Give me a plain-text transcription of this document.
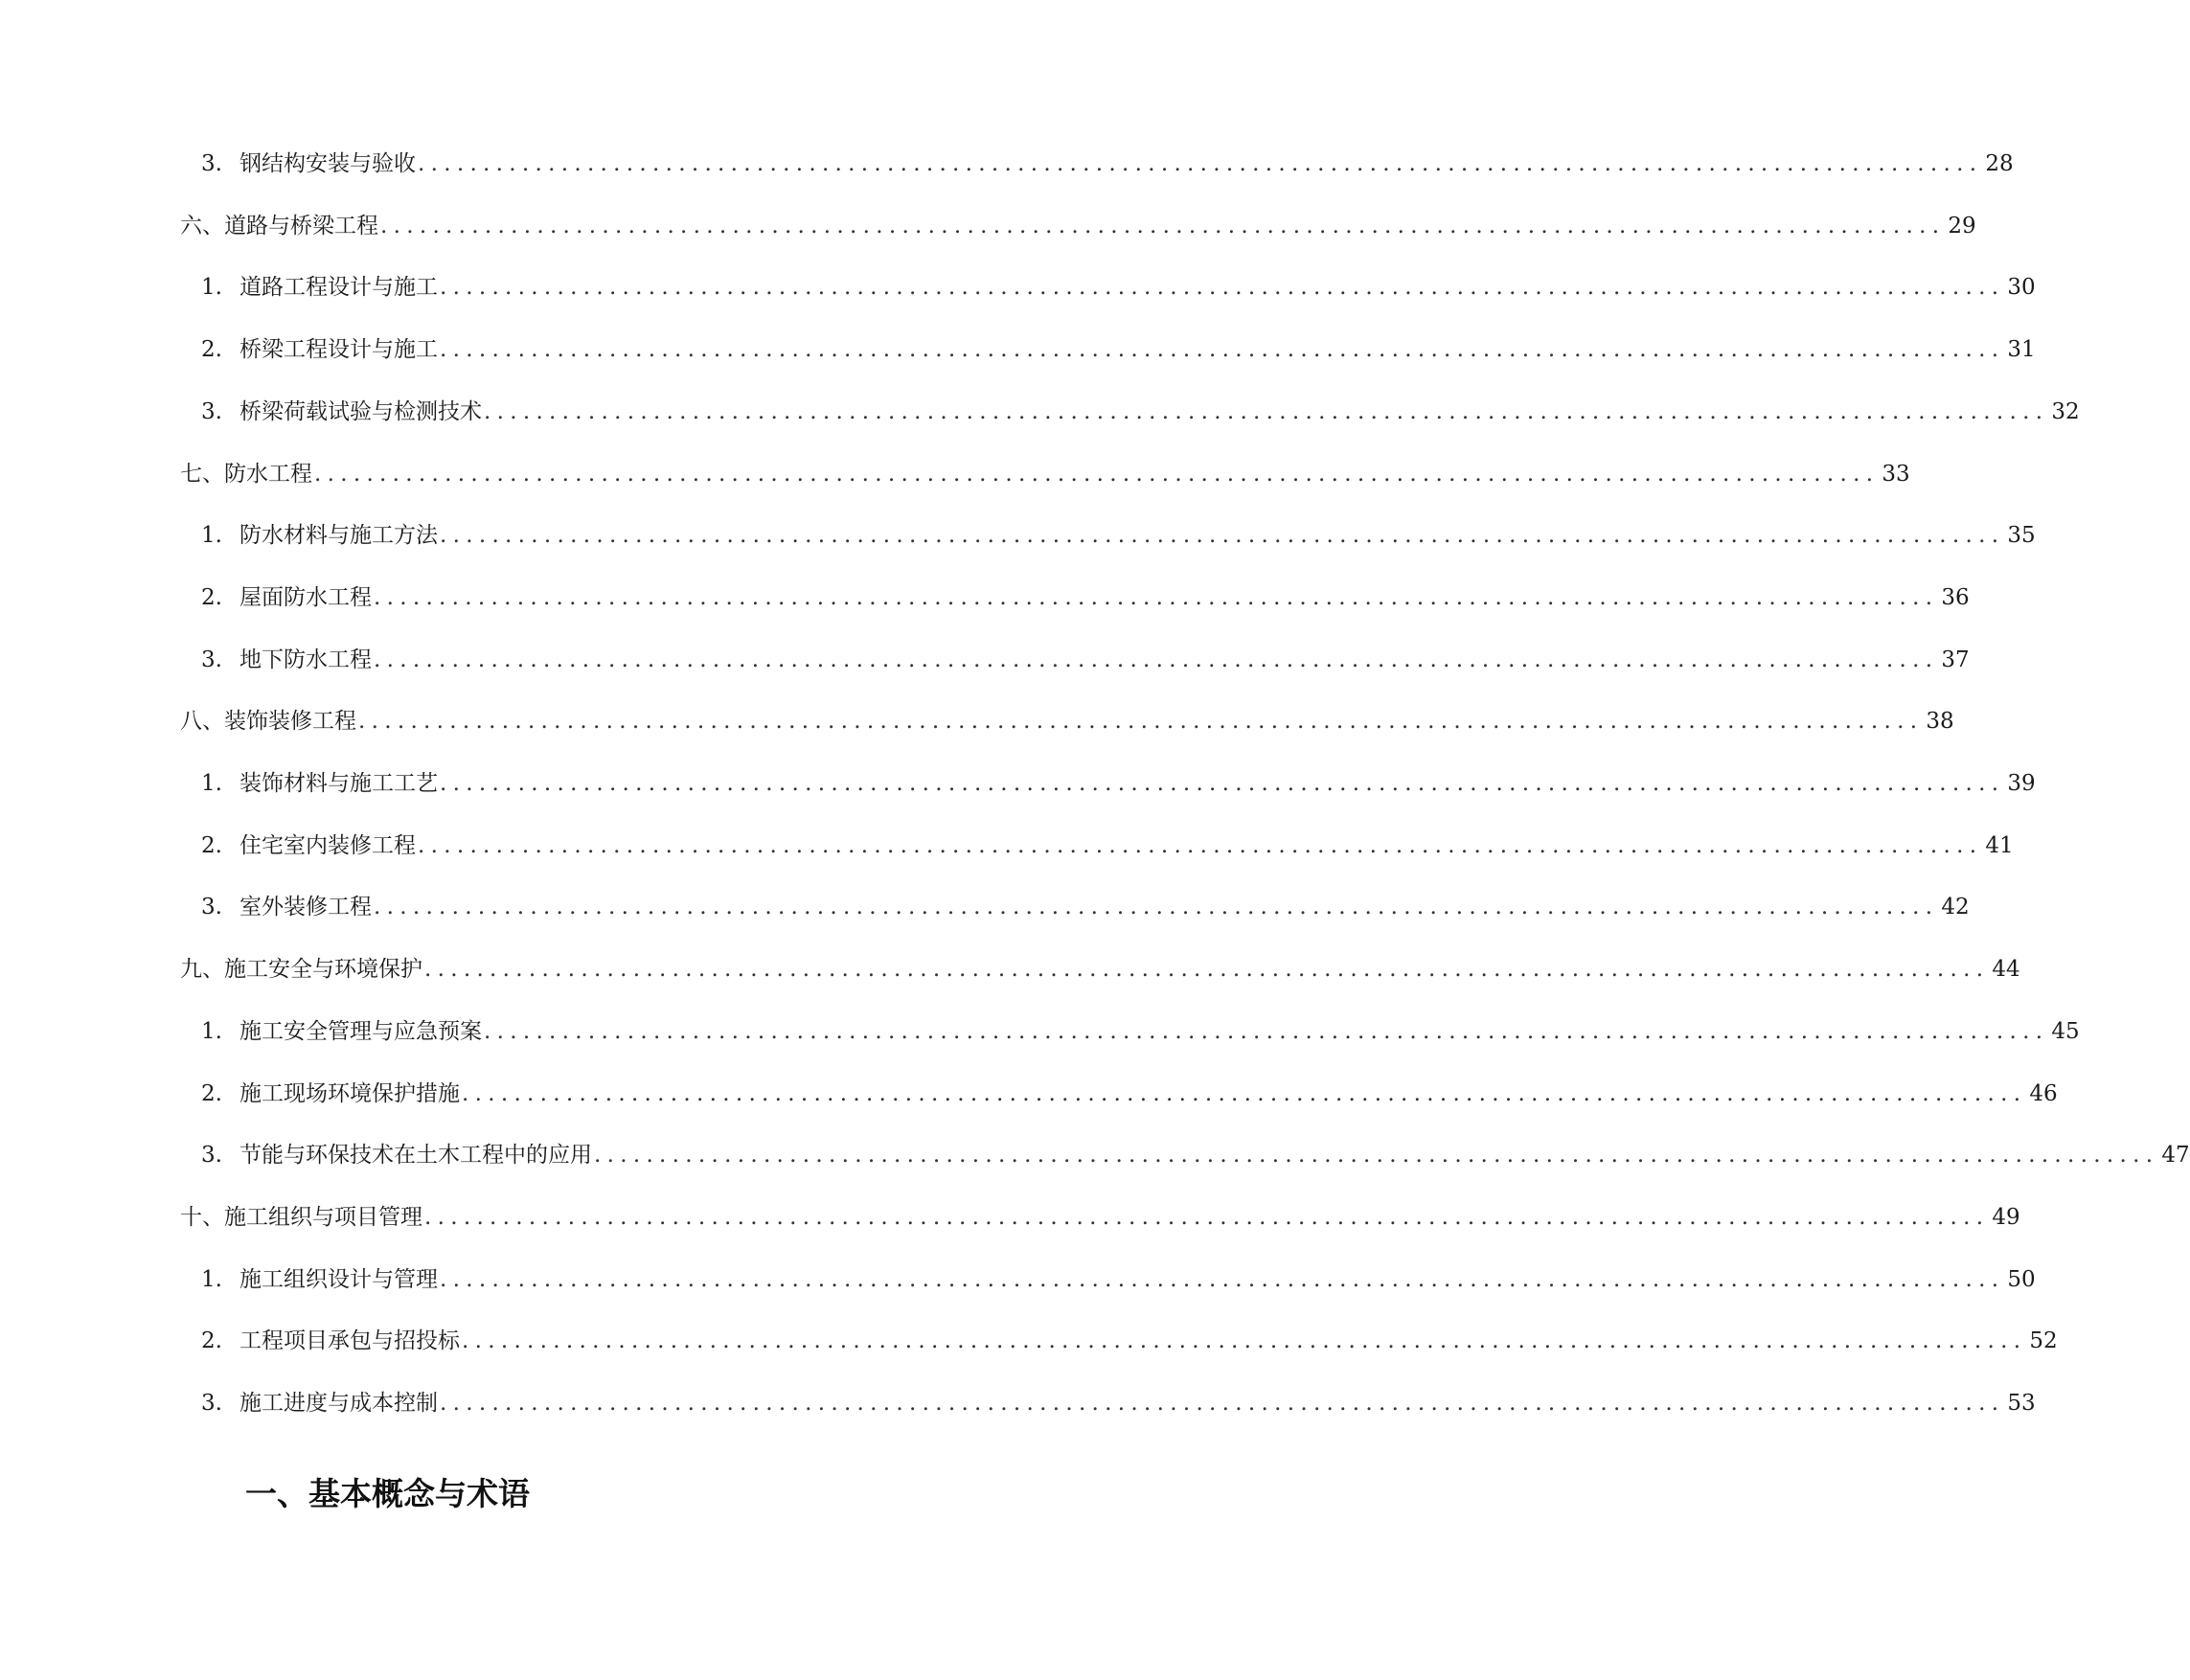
3. 钢结构安装与验收 ........................................................................................................................ 28
六、道路与桥梁工程 ........................................................................................................................ 29
1. 道路工程设计与施工 ........................................................................................................................ 30
2. 桥梁工程设计与施工 ........................................................................................................................ 31
3. 桥梁荷载试验与检测技术 ........................................................................................................................ 32
七、防水工程 ........................................................................................................................ 33
1. 防水材料与施工方法 ........................................................................................................................ 35
2. 屋面防水工程 ........................................................................................................................ 36
3. 地下防水工程 ........................................................................................................................ 37
八、装饰装修工程 ........................................................................................................................ 38
1. 装饰材料与施工工艺 ........................................................................................................................ 39
2. 住宅室内装修工程 ........................................................................................................................ 41
3. 室外装修工程 ........................................................................................................................ 42
九、施工安全与环境保护 ........................................................................................................................ 44
1. 施工安全管理与应急预案 ........................................................................................................................ 45
2. 施工现场环境保护措施 ........................................................................................................................ 46
3. 节能与环保技术在土木工程中的应用 ........................................................................................................................ 47
十、施工组织与项目管理 ........................................................................................................................ 49
1. 施工组织设计与管理 ........................................................................................................................ 50
2. 工程项目承包与招投标 ........................................................................................................................ 52
3. 施工进度与成本控制 ........................................................................................................................ 53
一、基本概念与术语
